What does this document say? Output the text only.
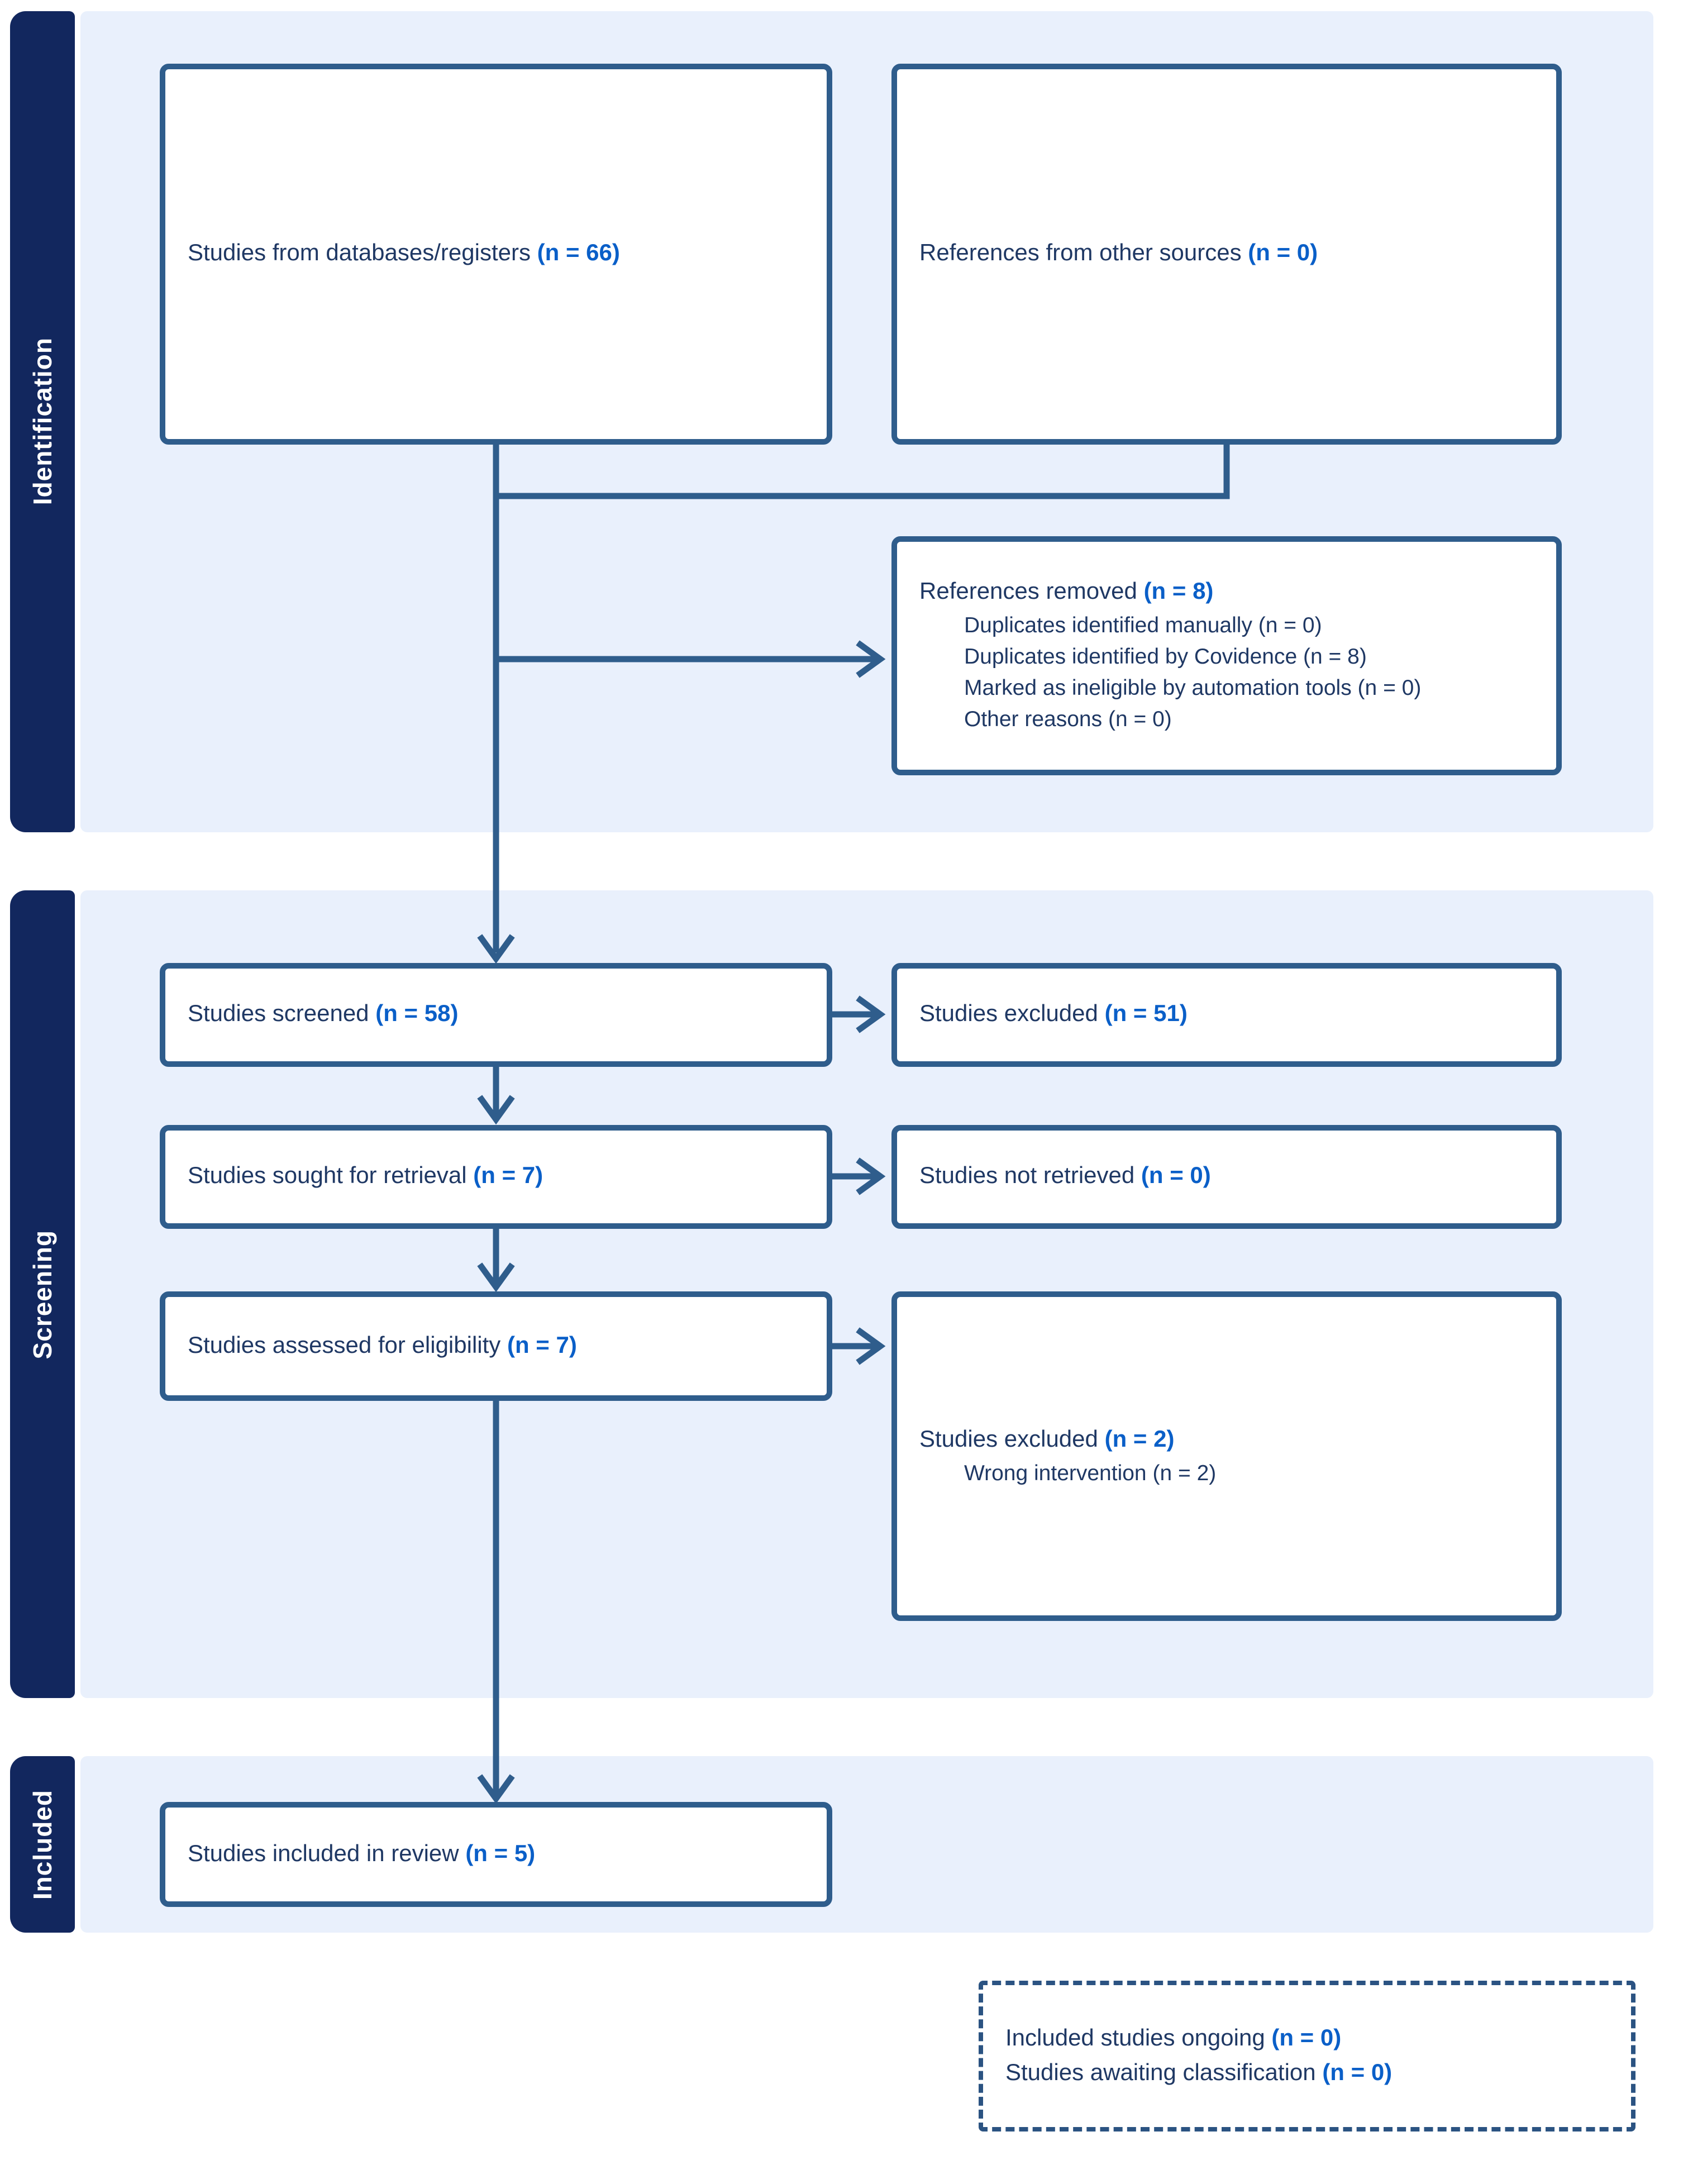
Identification
Screening
Included
Studies from databases/registers (n = 66)	References from other sources (n = 0)
References removed (n = 8)
Duplicates identified manually (n = 0)
Duplicates identified by Covidence (n = 8)
Marked as ineligible by automation tools (n = 0)
Other reasons (n = 0)
Studies screened (n = 58)	Studies excluded (n = 51)
Studies sought for retrieval (n = 7)	Studies not retrieved (n = 0)
Studies assessed for eligibility (n = 7)
Studies excluded (n = 2)
Wrong intervention (n = 2)
Studies included in review (n = 5)
Included studies ongoing (n = 0)
Studies awaiting classification (n = 0)
